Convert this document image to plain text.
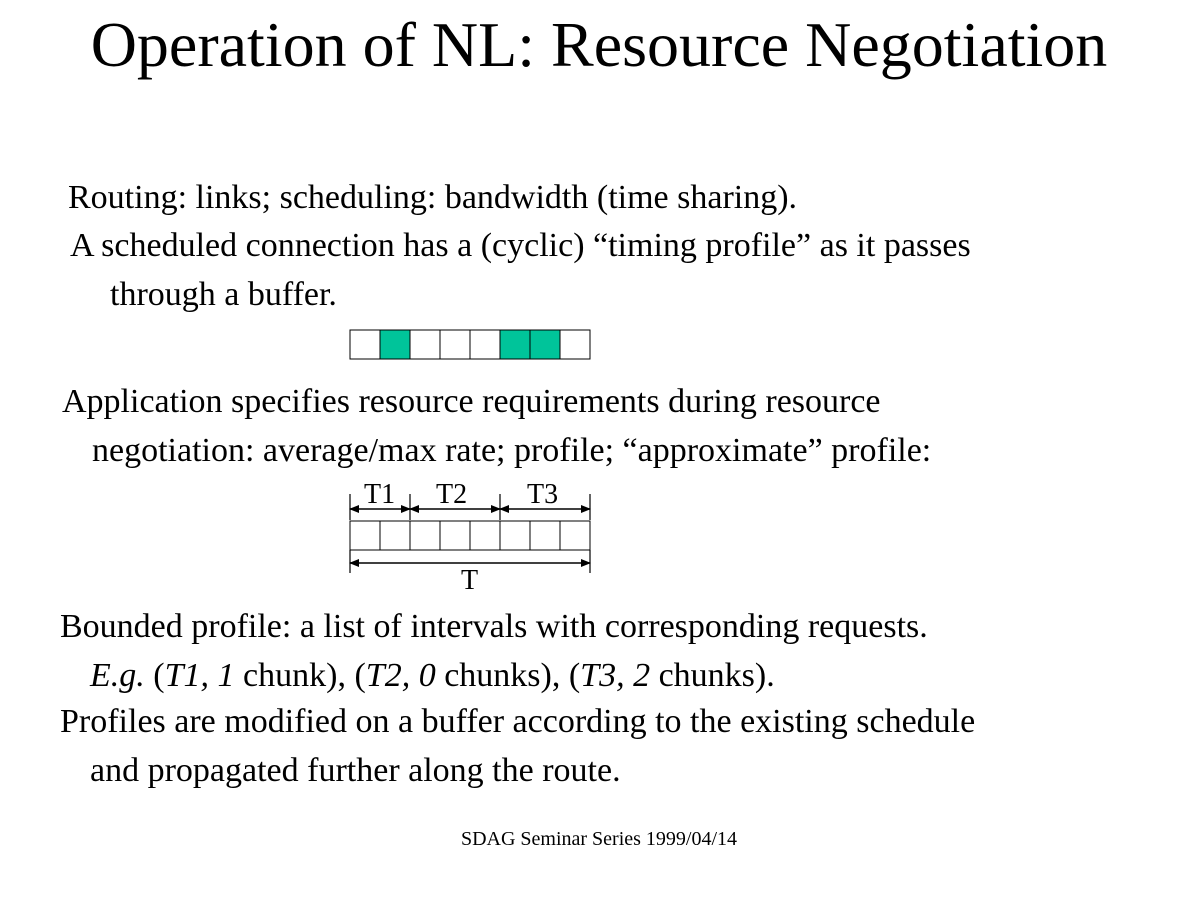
Operation of NL: Resource Negotiation
Routing: links; scheduling: bandwidth (time sharing).
A scheduled connection has a (cyclic) “timing profile” as it passes
through a buffer.
T1 T2 T3
T
Application specifies resource requirements during resource
negotiation: average/max rate; profile; “approximate” profile:
Bounded profile: a list of intervals with corresponding requests.
E.g. (T1, 1 chunk), (T2, 0 chunks), (T3, 2 chunks).
Profiles are modified on a buffer according to the existing schedule
and propagated further along the route.
SDAG Seminar Series 1999/04/14
